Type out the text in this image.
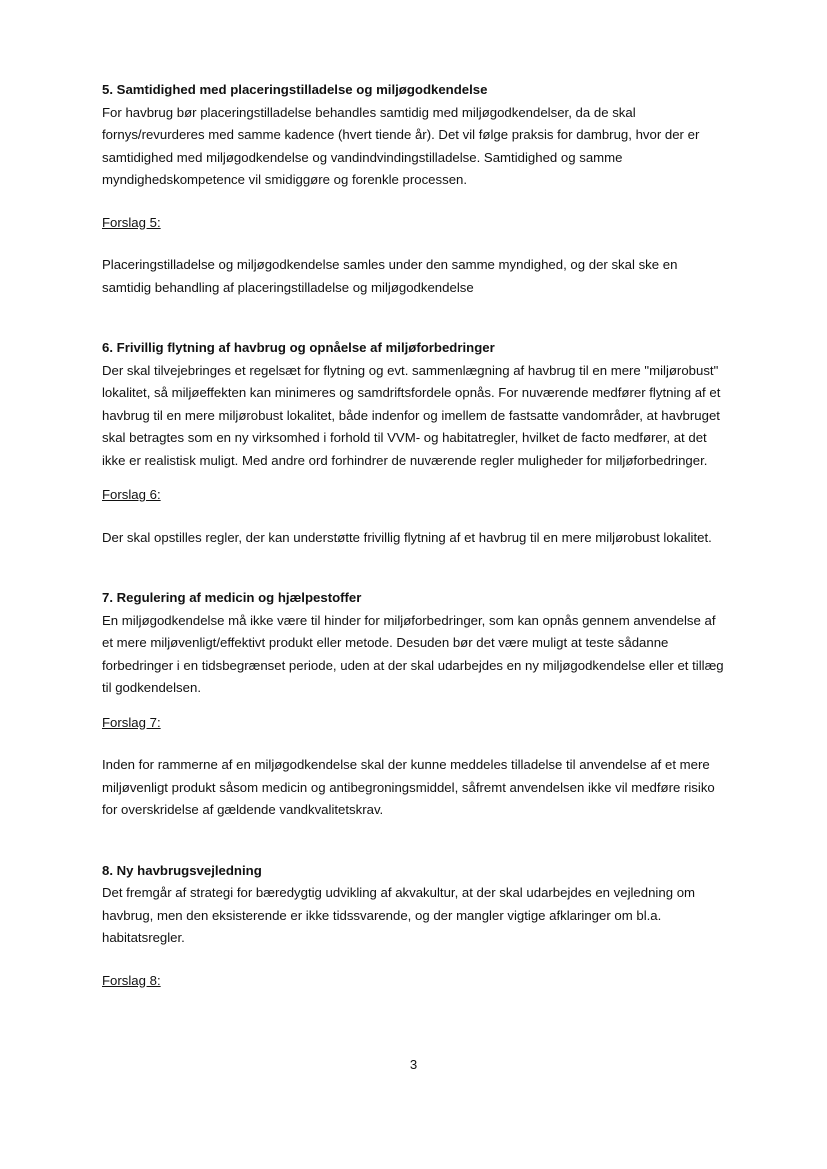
5. Samtidighed med placeringstilladelse og miljøgodkendelse
For havbrug bør placeringstilladelse behandles samtidig med miljøgodkendelser, da de skal fornys/revurderes med samme kadence (hvert tiende år). Det vil følge praksis for dambrug, hvor der er samtidighed med miljøgodkendelse og vandindvindingstilladelse. Samtidighed og samme myndighedskompetence vil smidiggøre og forenkle processen.
Forslag 5:
Placeringstilladelse og miljøgodkendelse samles under den samme myndighed, og der skal ske en samtidig behandling af placeringstilladelse og miljøgodkendelse
6. Frivillig flytning af havbrug og opnåelse af miljøforbedringer
Der skal tilvejebringes et regelsæt for flytning og evt. sammenlægning af havbrug til en mere "miljørobust" lokalitet, så miljøeffekten kan minimeres og samdriftsfordele opnås. For nuværende medfører flytning af et havbrug til en mere miljørobust lokalitet, både indenfor og imellem de fastsatte vandområder, at havbruget skal betragtes som en ny virksomhed i forhold til VVM- og habitatregler, hvilket de facto medfører, at det ikke er realistisk muligt. Med andre ord forhindrer de nuværende regler muligheder for miljøforbedringer.
Forslag 6:
Der skal opstilles regler, der kan understøtte frivillig flytning af et havbrug til en mere miljørobust lokalitet.
7. Regulering af medicin og hjælpestoffer
En miljøgodkendelse må ikke være til hinder for miljøforbedringer, som kan opnås gennem anvendelse af et mere miljøvenligt/effektivt produkt eller metode. Desuden bør det være muligt at teste sådanne forbedringer i en tidsbegrænset periode, uden at der skal udarbejdes en ny miljøgodkendelse eller et tillæg til godkendelsen.
Forslag 7:
Inden for rammerne af en miljøgodkendelse skal der kunne meddeles tilladelse til anvendelse af et mere miljøvenligt produkt såsom medicin og antibegroningsmiddel, såfremt anvendelsen ikke vil medføre risiko for overskridelse af gældende vandkvalitetskrav.
8. Ny havbrugsvejledning
Det fremgår af strategi for bæredygtig udvikling af akvakultur, at der skal udarbejdes en vejledning om havbrug, men den eksisterende er ikke tidssvarende, og der mangler vigtige afklaringer om bl.a. habitatsregler.
Forslag 8:
3
